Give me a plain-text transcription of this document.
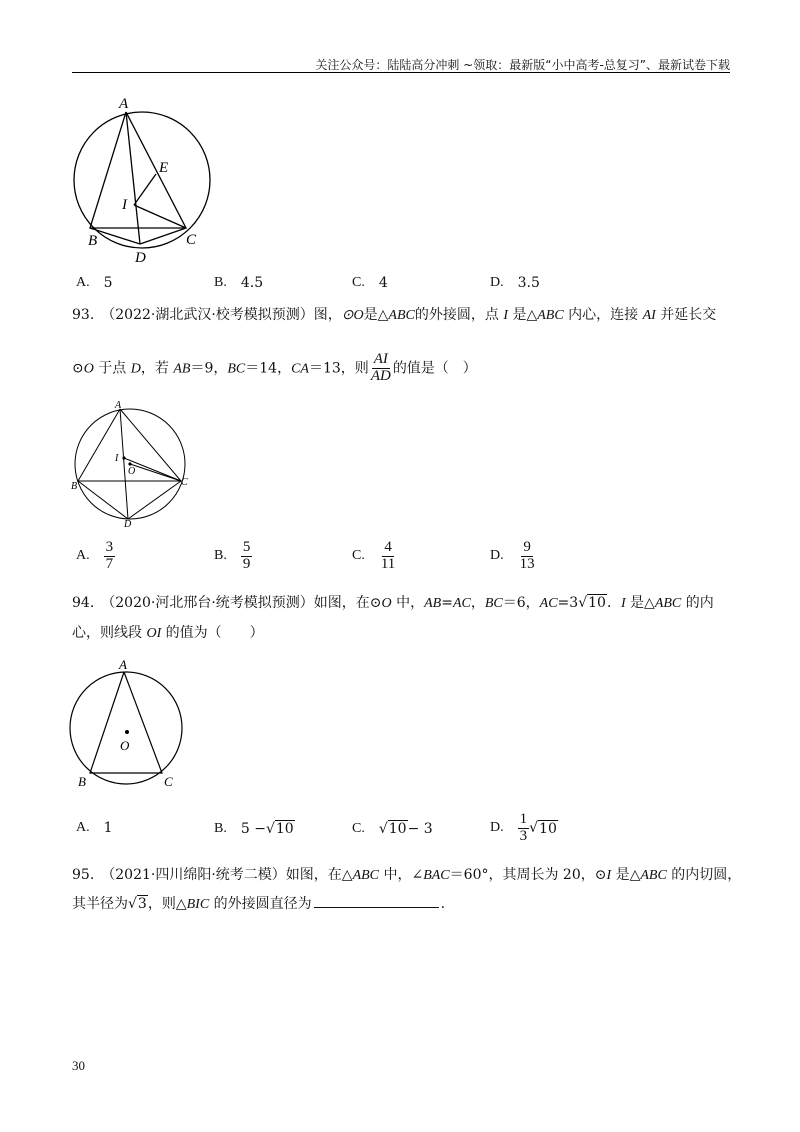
关注公众号：陆陆高分冲刺 ~领取：最新版“小中高考-总复习”、最新试卷下载
A
B	C
D
E
I
A. 5	B. 4.5	C. 4	D. 3.5
93.　（2022·湖北武汉·校考模拟预测）图，⊙O是△ABC的外接圆，点 I 是△ABC 内心，连接 AI 并延长交
⊙O 于点 D，若 AB＝9，BC＝14，CA＝13，则 $\frac{AI}{AD}$ 的值是（　）
A
B	C
D
I
O
A. $\frac{3}{7}$	B. $\frac{5}{9}$	C. $\frac{4}{11}$	D. $\frac{9}{13}$
94.　（2020·河北邢台·统考模拟预测）如图，在⊙O 中，AB=AC，BC＝6，AC=3√10．I 是△ABC 的内
心，则线段 OI 的值为（　　）
A
B	C
O
A. 1	B. 5 − √ 10	C. √ 10 − 3	D. $\frac{1}{3}$ √ 10
95.　（2021·四川绵阳·统考二模）如图，在△ABC 中，∠BAC＝60°，其周长为 20，⊙I 是△ABC 的内切圆，
其半径为√3，则△BIC 的外接圆直径为	.
30
